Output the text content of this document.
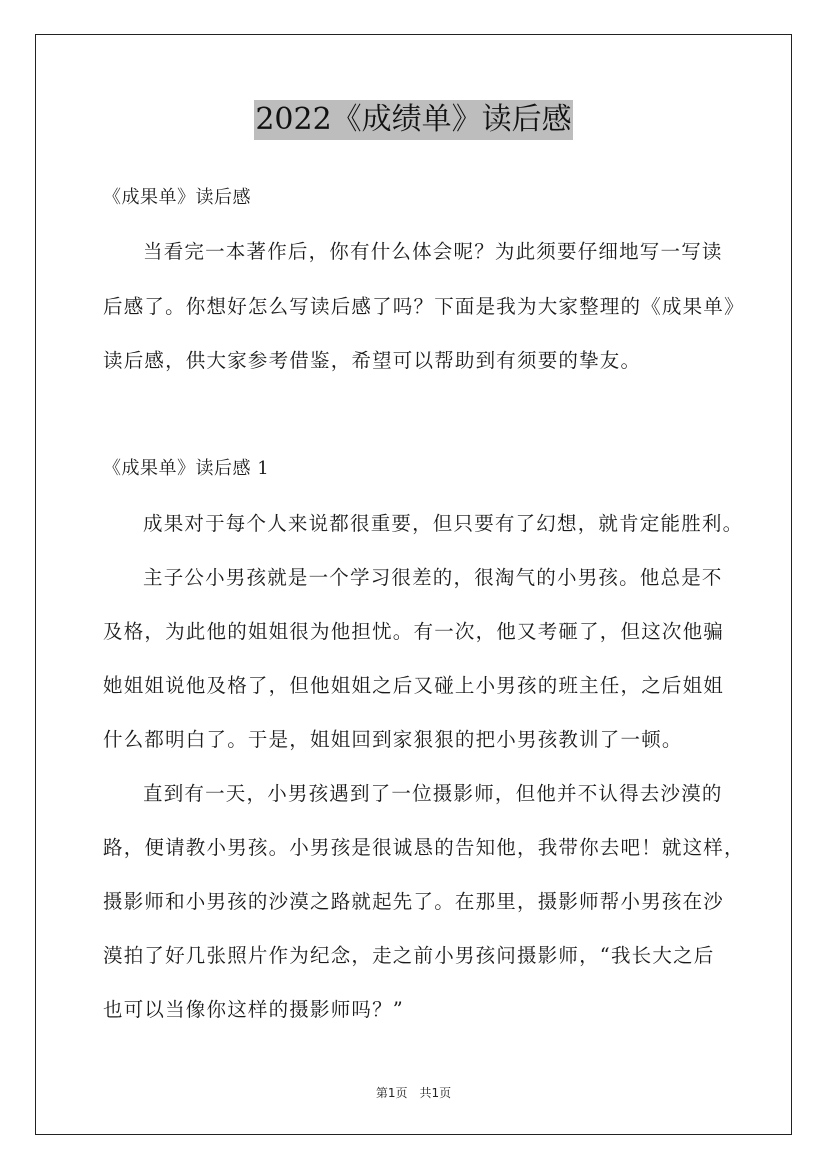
2022《成绩单》读后感
《成果单》读后感
当看完一本著作后，你有什么体会呢？为此须要仔细地写一写读
后感了。你想好怎么写读后感了吗？下面是我为大家整理的《成果单》
读后感，供大家参考借鉴，希望可以帮助到有须要的挚友。
《成果单》读后感 1
成果对于每个人来说都很重要，但只要有了幻想，就肯定能胜利。
主子公小男孩就是一个学习很差的，很淘气的小男孩。他总是不
及格，为此他的姐姐很为他担忧。有一次，他又考砸了，但这次他骗
她姐姐说他及格了，但他姐姐之后又碰上小男孩的班主任，之后姐姐
什么都明白了。于是，姐姐回到家狠狠的把小男孩教训了一顿。
直到有一天，小男孩遇到了一位摄影师，但他并不认得去沙漠的
路，便请教小男孩。小男孩是很诚恳的告知他，我带你去吧！就这样，
摄影师和小男孩的沙漠之路就起先了。在那里，摄影师帮小男孩在沙
漠拍了好几张照片作为纪念，走之前小男孩问摄影师，“我长大之后
也可以当像你这样的摄影师吗？”
第1页　共1页
